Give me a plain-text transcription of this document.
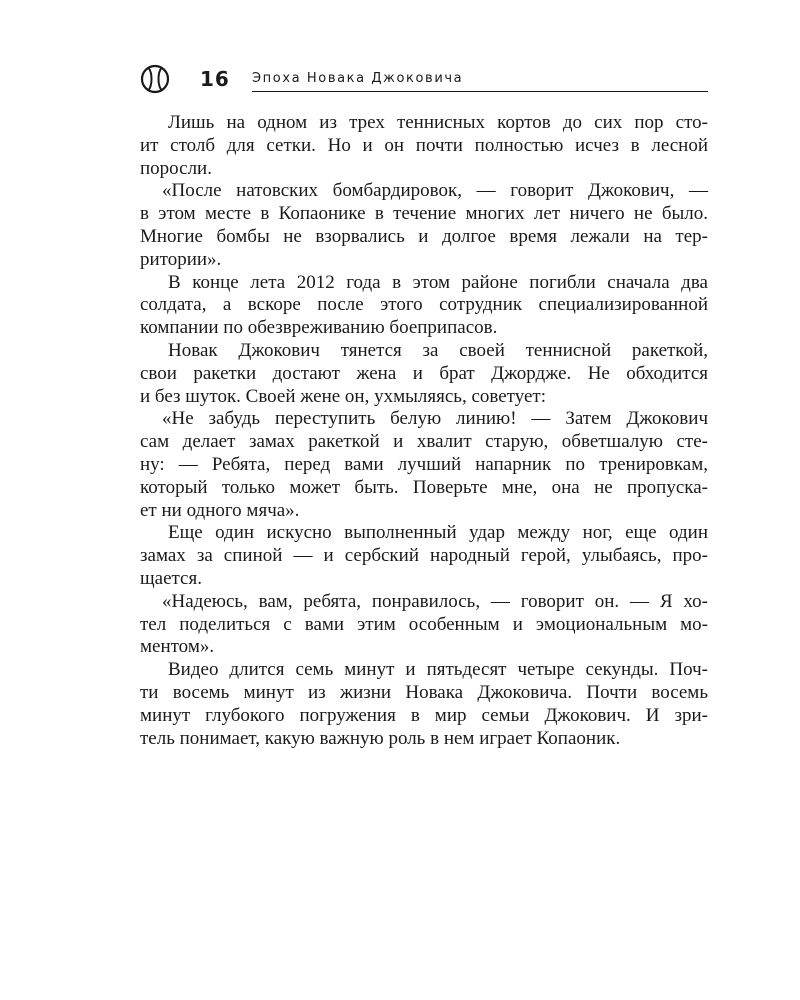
16 Эпоха Новака Джоковича
Лишь на одном из трех теннисных кортов до сих пор сто-
ит столб для сетки. Но и он почти полностью исчез в лесной
поросли.
«После натовских бомбардировок, — говорит Джокович, —
в этом месте в Копаонике в течение многих лет ничего не было.
Многие бомбы не взорвались и долгое время лежали на тер-
ритории».
В конце лета 2012 года в этом районе погибли сначала два
солдата, а вскоре после этого сотрудник специализированной
компании по обезвреживанию боеприпасов.
Новак Джокович тянется за своей теннисной ракеткой,
свои ракетки достают жена и брат Джордже. Не обходится
и без шуток. Своей жене он, ухмыляясь, советует:
«Не забудь переступить белую линию! — Затем Джокович
сам делает замах ракеткой и хвалит старую, обветшалую сте-
ну: — Ребята, перед вами лучший напарник по тренировкам,
который только может быть. Поверьте мне, она не пропуска-
ет ни одного мяча».
Еще один искусно выполненный удар между ног, еще один
замах за спиной — и сербский народный герой, улыбаясь, про-
щается.
«Надеюсь, вам, ребята, понравилось, — говорит он. — Я хо-
тел поделиться с вами этим особенным и эмоциональным мо-
ментом».
Видео длится семь минут и пятьдесят четыре секунды. Поч-
ти восемь минут из жизни Новака Джоковича. Почти восемь
минут глубокого погружения в мир семьи Джокович. И зри-
тель понимает, какую важную роль в нем играет Копаоник.
